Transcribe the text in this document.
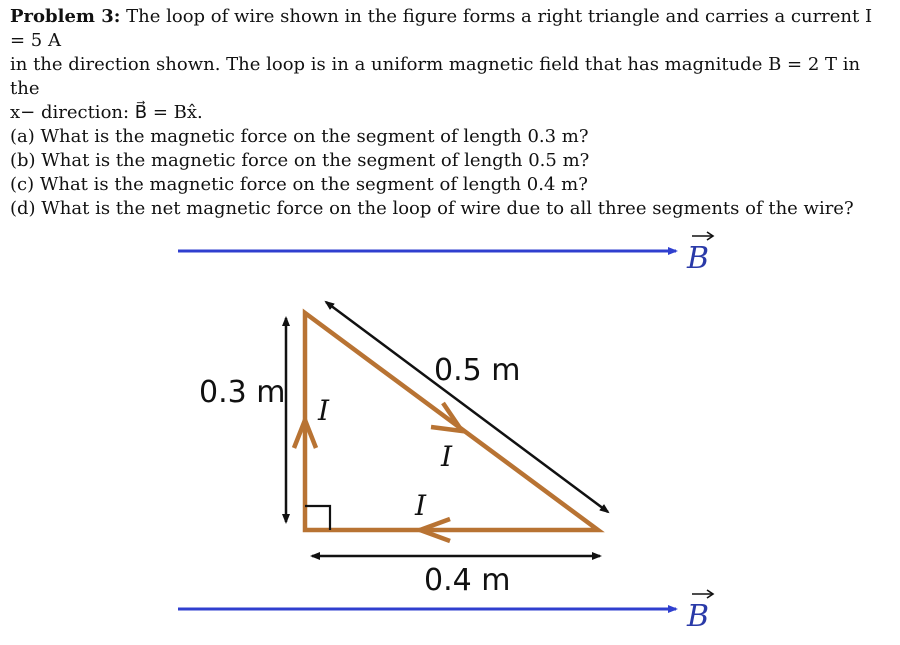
Problem 3: The loop of wire shown in the figure forms a right triangle and carries a current I = 5 A

in the direction shown. The loop is in a uniform magnetic field that has magnitude B = 2 T in the

x− direction: B⃗ = Bx̂.

(a) What is the magnetic force on the segment of length 0.3 m?

(b) What is the magnetic force on the segment of length 0.5 m?

(c) What is the magnetic force on the segment of length 0.4 m?

(d) What is the net magnetic force on the loop of wire due to all three segments of the wire?

B
B
0.3 m
0.5 m
0.4 m
I
I
I
